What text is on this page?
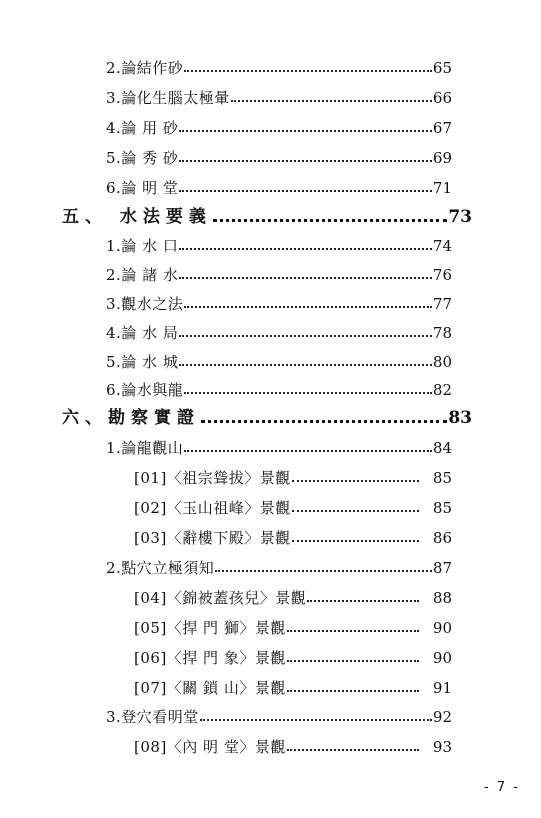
2.論結作砂	65
3.論化生腦太極暈	66
4.論 用 砂	67
5.論 秀 砂	69
6.論 明 堂	71
五、 水法要義	73
1.論 水 口	74
2.論 諸 水	76
3.觀水之法	77
4.論 水 局	78
5.論 水 城	80
6.論水與龍	82
六、勘察實證	83
1.論龍觀山	84
[01]〈祖宗聳拔〉景觀	85
[02]〈玉山祖峰〉景觀	85
[03]〈辭樓下殿〉景觀	86
2.點穴立極須知	87
[04]〈錦被蓋孩兒〉景觀	88
[05]〈捍 門 獅〉景觀	90
[06]〈捍 門 象〉景觀	90
[07]〈關 鎖 山〉景觀	91
3.登穴看明堂	92
[08]〈內 明 堂〉景觀	93
- 7 -
